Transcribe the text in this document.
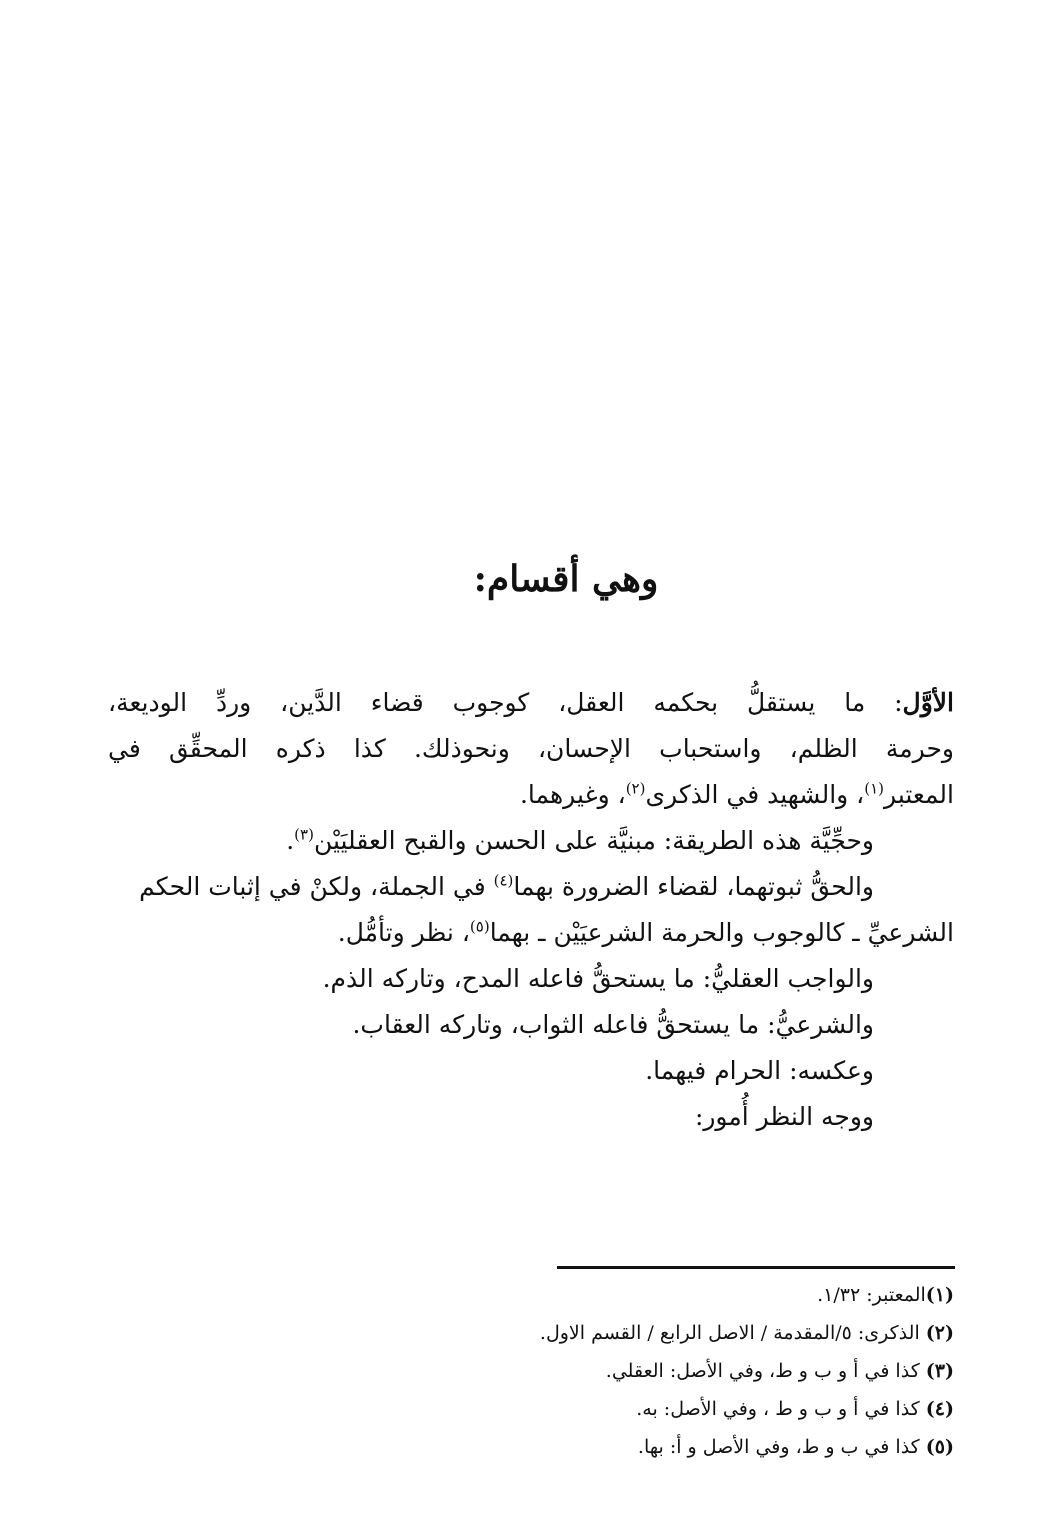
وهي أقسام:
الأوَّل: ما يستقلُّ بحكمه العقل، كوجوب قضاء الدَّين، وردِّ الوديعة،
وحرمة الظلم، واستحباب الإحسان، ونحوذلك. كذا ذكره المحقِّق في
المعتبر$^{(١)}$، والشهيد في الذكرى$^{(٢)}$، وغيرهما.
وحجِّيَّة هذه الطريقة: مبنيَّة على الحسن والقبح العقليَيْن$^{(٣)}$.
والحقُّ ثبوتهما، لقضاء الضرورة بهما$^{(٤)}$ في الجملة، ولكنْ في إثبات الحكم
الشرعيِّ ـ كالوجوب والحرمة الشرعيَيْن ـ بهما$^{(٥)}$، نظر وتأمُّل.
والواجب العقليُّ: ما يستحقُّ فاعله المدح، وتاركه الذم.
والشرعيُّ: ما يستحقُّ فاعله الثواب، وتاركه العقاب.
وعكسه: الحرام فيهما.
ووجه النظر أُمور:
(١)المعتبر: ١/٣٢.
(٢) الذكرى: ٥/المقدمة / الاصل الرابع / القسم الاول.
(٣) كذا في أ و ب و ط، وفي الأصل: العقلي.
(٤) كذا في أ و ب و ط ، وفي الأصل: به.
(٥) كذا في ب و ط، وفي الأصل و أ: بها.
